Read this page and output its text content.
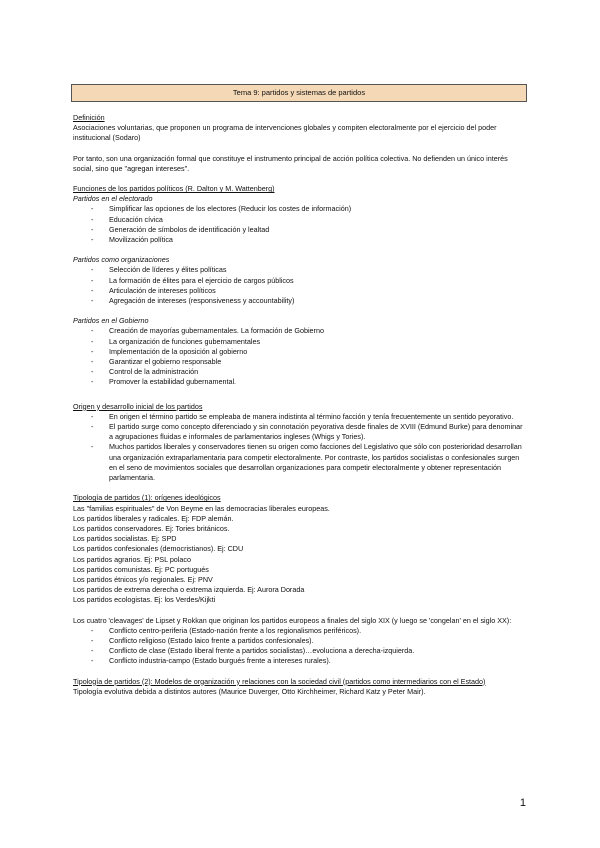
Tema 9: partidos y sistemas de partidos

Definición

Asociaciones voluntarias, que proponen un programa de intervenciones globales y compiten electoralmente por el ejercicio del poder institucional (Sodaro)

Por tanto, son una organización formal que constituye el instrumento principal de acción política colectiva. No defienden un único interés social, sino que "agregan intereses".

Funciones de los partidos políticos (R. Dalton y M. Wattenberg)

Partidos en el electorado

- Simplificar las opciones de los electores (Reducir los costes de información)
- Educación cívica
- Generación de símbolos de identificación y lealtad
- Movilización política

Partidos como organizaciones

- Selección de líderes y élites políticas
- La formación de élites para el ejercicio de cargos públicos
- Articulación de intereses políticos
- Agregación de intereses (responsiveness y accountability)

Partidos en el Gobierno

- Creación de mayorías gubernamentales. La formación de Gobierno
- La organización de funciones gubernamentales
- Implementación de la oposición al gobierno
- Garantizar el gobierno responsable
- Control de la administración
- Promover la estabilidad gubernamental.

Origen y desarrollo inicial de los partidos

- En origen el término partido se empleaba de manera indistinta al término facción y tenía frecuentemente un sentido peyorativo.
- El partido surge como concepto diferenciado y sin connotación peyorativa desde finales de XVIII (Edmund Burke) para denominar a agrupaciones fluidas e informales de parlamentarios ingleses (Whigs y Tories).
- Muchos partidos liberales y conservadores tienen su origen como facciones del Legislativo que sólo con posterioridad desarrollan una organización extraparlamentaria para competir electoralmente. Por contraste, los partidos socialistas o confesionales surgen en el seno de movimientos sociales que desarrollan organizaciones para competir electoralmente y obtener representación parlamentaria.

Tipología de partidos (1): orígenes ideológicos

Las "familias espirituales" de Von Beyme en las democracias liberales europeas.

Los partidos liberales y radicales. Ej: FDP alemán.

Los partidos conservadores. Ej: Tories británicos.

Los partidos socialistas. Ej: SPD

Los partidos confesionales (democristianos). Ej: CDU

Los partidos agrarios. Ej: PSL polaco

Los partidos comunistas. Ej: PC portugués

Los partidos étnicos y/o regionales. Ej: PNV

Los partidos de extrema derecha o extrema izquierda. Ej: Aurora Dorada

Los partidos ecologistas. Ej: los Verdes/Kijkti

Los cuatro 'cleavages' de Lipset y Rokkan que originan los partidos europeos a finales del siglo XIX (y luego se 'congelan' en el siglo XX):

- Conflicto centro-periferia (Estado-nación frente a los regionalismos periféricos).
- Conflicto religioso (Estado laico frente a partidos confesionales).
- Conflicto de clase (Estado liberal frente a partidos socialistas)…evoluciona a derecha-izquierda.
- Conflicto industria-campo (Estado burgués frente a intereses rurales).

Tipología de partidos (2): Modelos de organización y relaciones con la sociedad civil (partidos como intermediarios con el Estado)

Tipología evolutiva debida a distintos autores (Maurice Duverger, Otto Kirchheimer, Richard Katz y Peter Mair).

1
